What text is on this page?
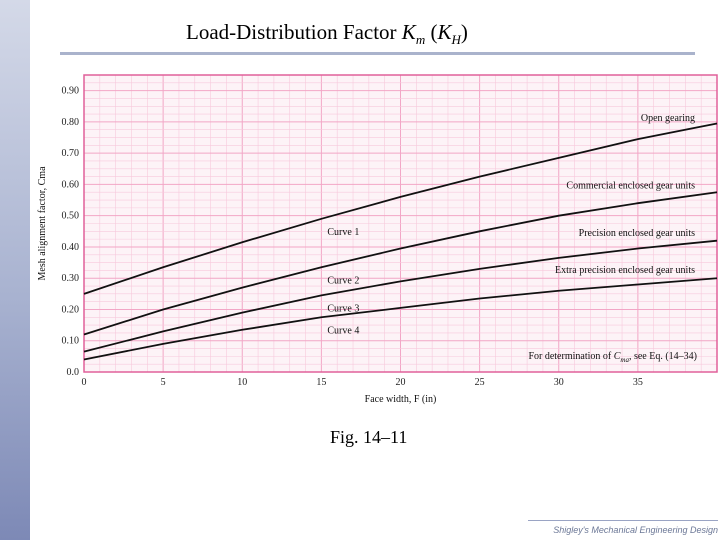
Load-Distribution Factor $K_m$ $(K_H)$
0	5	10	15	20	25	30	35
0.0
0.10
0.20
0.30
0.40
0.50
0.60
0.70
0.80
0.90
Mesh alignment factor, Cma
Face width, F (in)
Curve 1
Curve 2
Curve 3
Curve 4
Open gearing
Commercial enclosed gear units
Precision enclosed gear units
Extra precision enclosed gear units
For determination of $C_{ma}$, see Eq. (14–34)
Fig. 14–11
Shigley's Mechanical Engineering Design
